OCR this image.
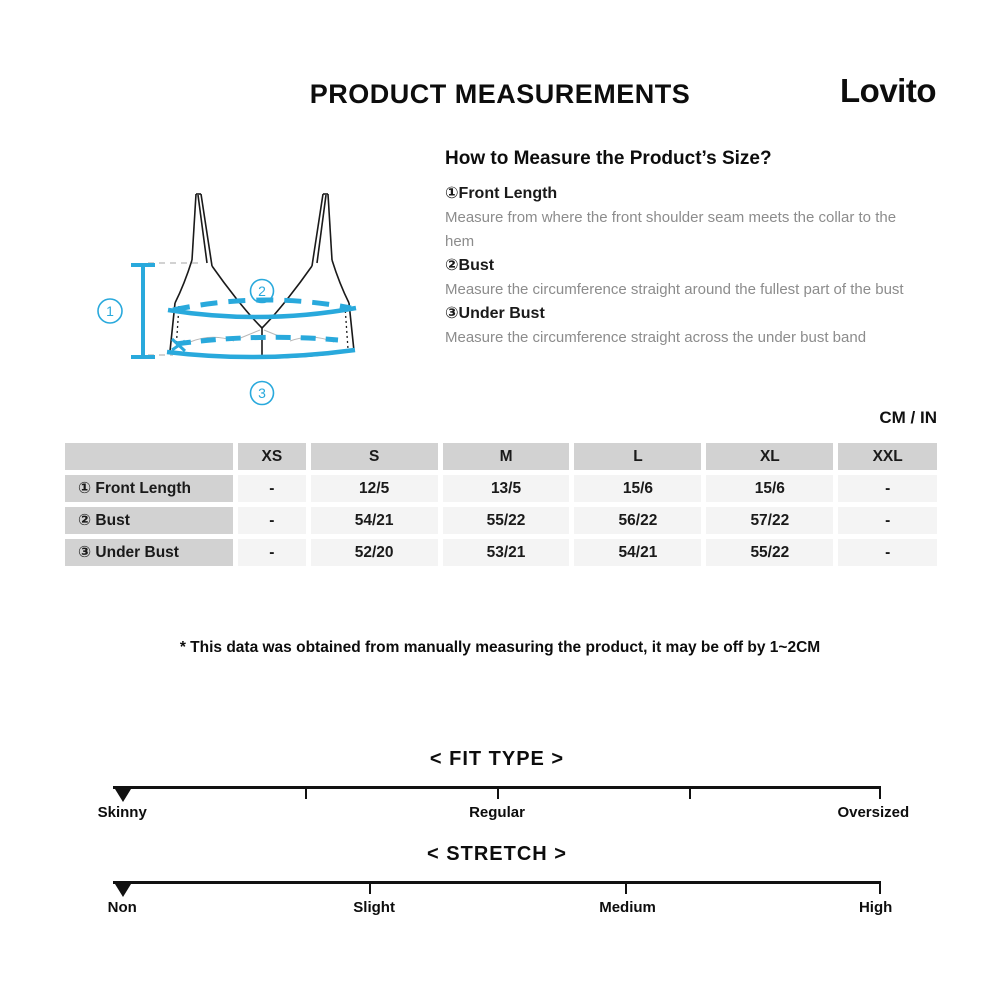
PRODUCT MEASUREMENTS	Lovito
1
2
3
How to Measure the Product’s Size?
①Front Length
Measure from where the front shoulder seam meets the collar to the hem
②Bust
Measure the circumference straight around the fullest part of the bust
③Under Bust
Measure the circumference straight across the under bust band
CM / IN
	XS	S	M	L	XL	XXL
① Front Length	-	12/5	13/5	15/6	15/6	-
② Bust	-	54/21	55/22	56/22	57/22	-
③ Under Bust	-	52/20	53/21	54/21	55/22	-
* This data was obtained from manually measuring the product, it may be off by 1~2CM
< FIT TYPE >
Skinny	Regular	Oversized
< STRETCH >
Non	Slight	Medium	High
